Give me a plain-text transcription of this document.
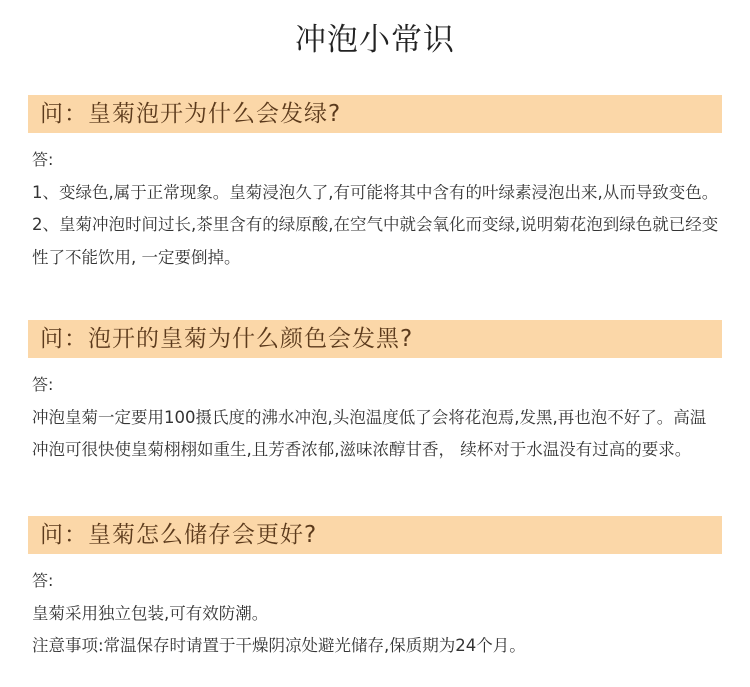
冲泡小常识
问：皇菊泡开为什么会发绿?

答:

1、变绿色,属于正常现象。皇菊浸泡久了,有可能将其中含有的叶绿素浸泡出来,从而导致变色。

2、皇菊冲泡时间过长,茶里含有的绿原酸,在空气中就会氧化而变绿,说明菊花泡到绿色就已经变性了不能饮用, 一定要倒掉。

问：泡开的皇菊为什么颜色会发黑?

答:

冲泡皇菊一定要用100摄氏度的沸水冲泡,头泡温度低了会将花泡焉,发黑,再也泡不好了。高温冲泡可很快使皇菊栩栩如重生,且芳香浓郁,滋味浓醇甘香， 续杯对于水温没有过高的要求。

问：皇菊怎么储存会更好?

答:

皇菊采用独立包装,可有效防潮。

注意事项:常温保存时请置于干燥阴凉处避光储存,保质期为24个月。
